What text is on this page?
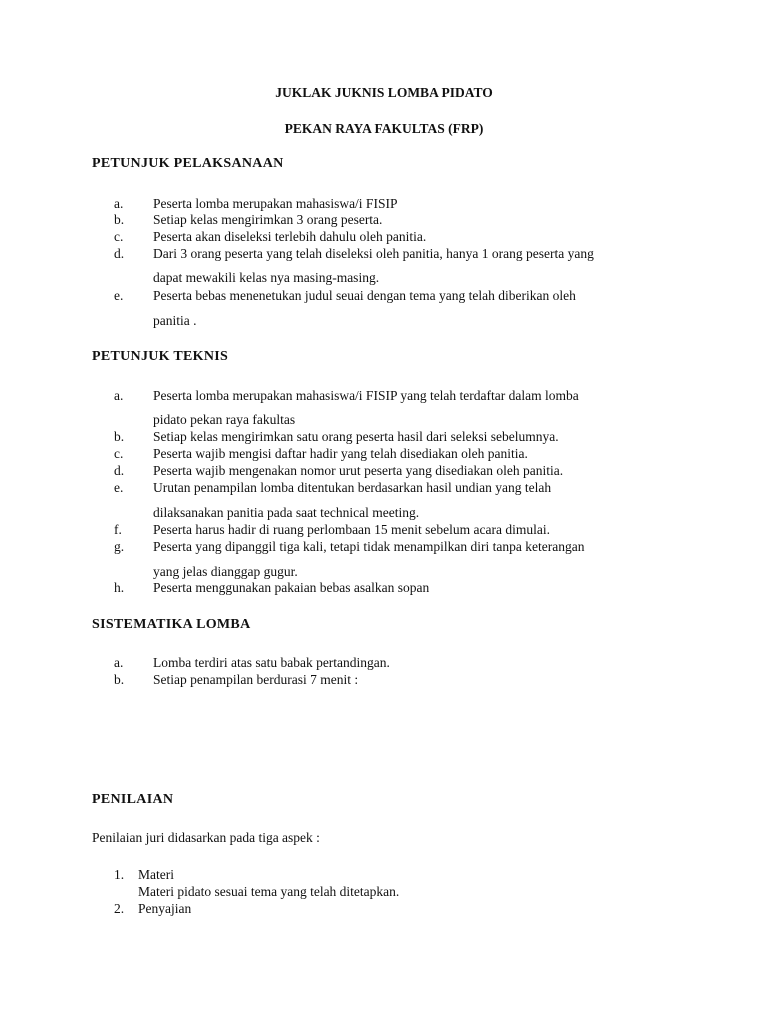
JUKLAK JUKNIS LOMBA PIDATO
PEKAN RAYA FAKULTAS (FRP)
PETUNJUK PELAKSANAAN
a. Peserta lomba merupakan mahasiswa/i FISIP
b. Setiap kelas mengirimkan 3 orang peserta.
c. Peserta akan diseleksi terlebih dahulu oleh panitia.
d. Dari 3 orang peserta yang telah diseleksi oleh panitia, hanya 1 orang peserta yang
dapat mewakili kelas nya masing-masing.
e. Peserta bebas menenetukan judul seuai dengan tema yang telah diberikan oleh
panitia .
PETUNJUK TEKNIS
a. Peserta lomba merupakan mahasiswa/i FISIP yang telah terdaftar dalam lomba
pidato pekan raya fakultas
b. Setiap kelas mengirimkan satu orang peserta hasil dari seleksi sebelumnya.
c. Peserta wajib mengisi daftar hadir yang telah disediakan oleh panitia.
d. Peserta wajib mengenakan nomor urut peserta yang disediakan oleh panitia.
e. Urutan penampilan lomba ditentukan berdasarkan hasil undian yang telah
dilaksanakan panitia pada saat technical meeting.
f. Peserta harus hadir di ruang perlombaan 15 menit sebelum acara dimulai.
g. Peserta yang dipanggil tiga kali, tetapi tidak menampilkan diri tanpa keterangan
yang jelas dianggap gugur.
h. Peserta menggunakan pakaian bebas asalkan sopan
SISTEMATIKA LOMBA
a. Lomba terdiri atas satu babak pertandingan.
b. Setiap penampilan berdurasi 7 menit :
PENILAIAN
Penilaian juri didasarkan pada tiga aspek :
1. Materi
Materi pidato sesuai tema yang telah ditetapkan.
2. Penyajian
